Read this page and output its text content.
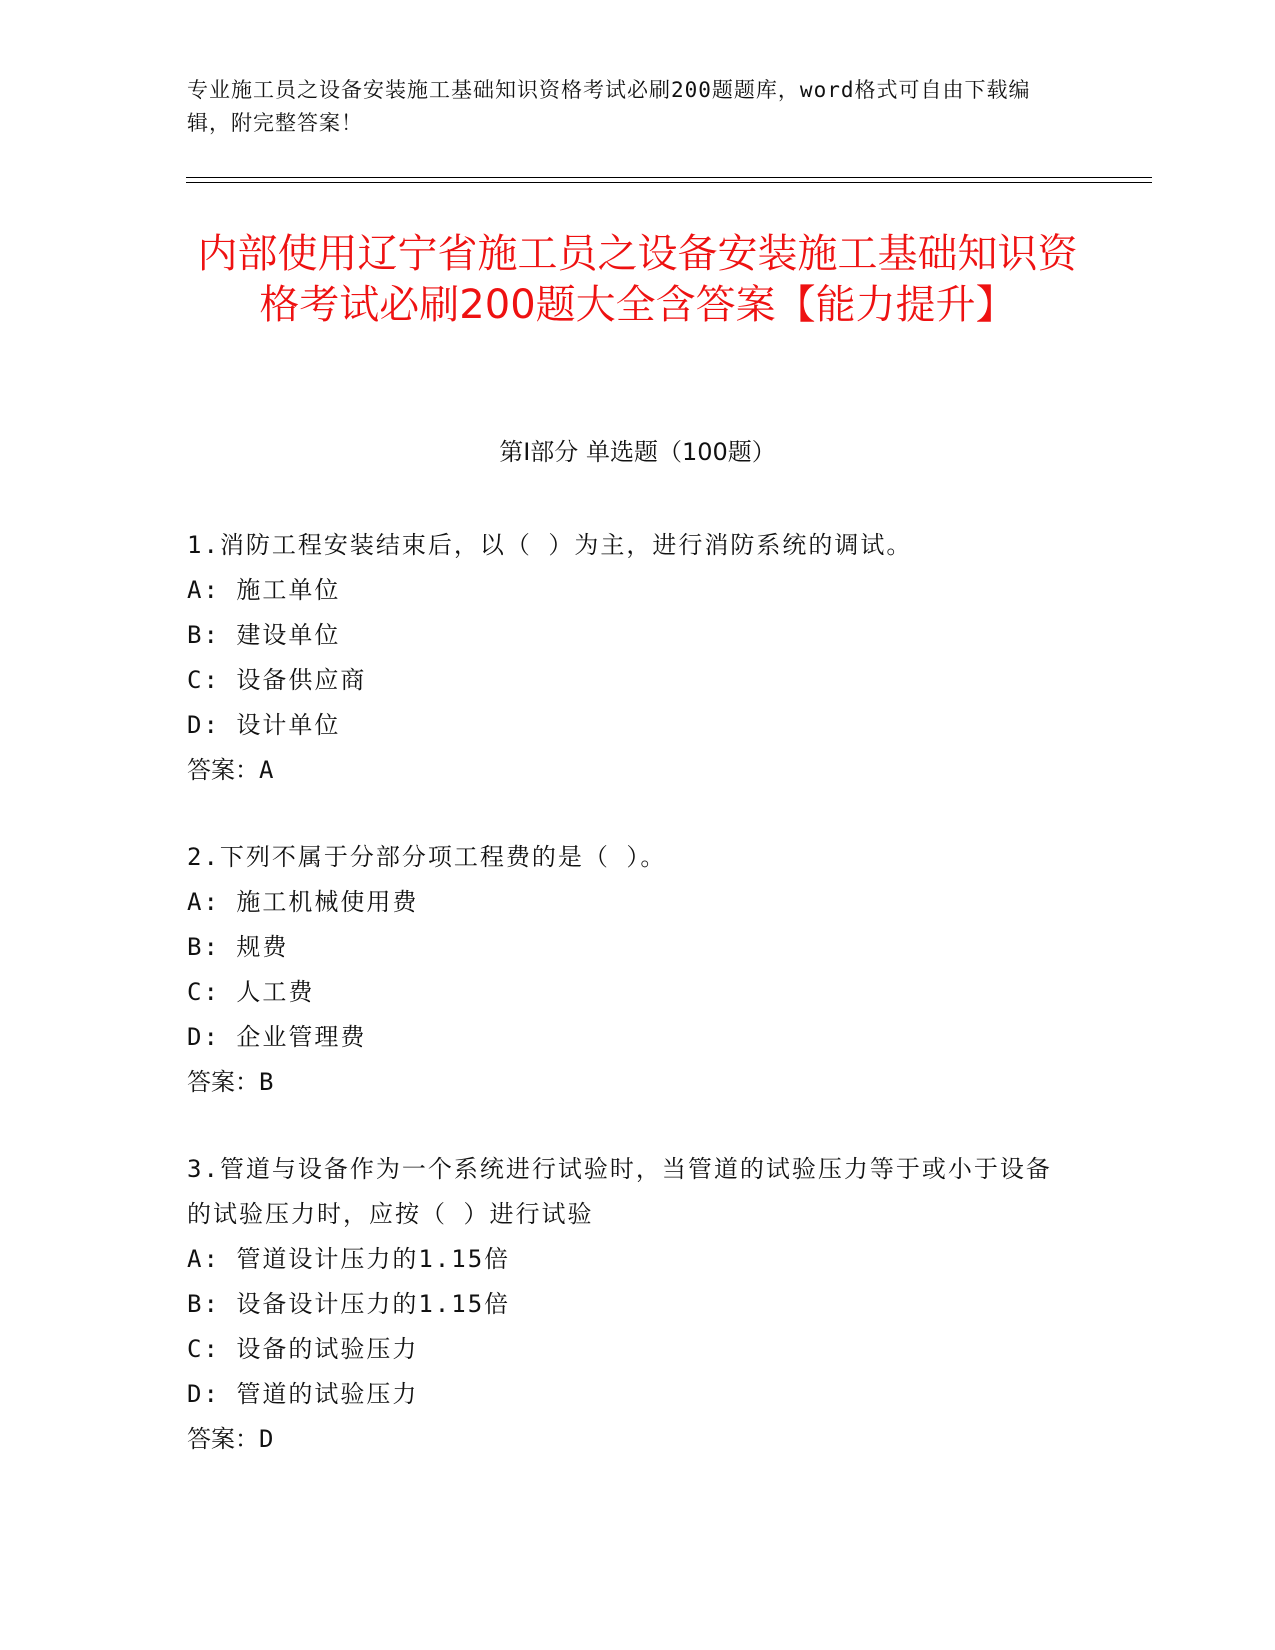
专业施工员之设备安装施工基础知识资格考试必刷200题题库，word格式可自由下载编辑，附完整答案！
内部使用辽宁省施工员之设备安装施工基础知识资格考试必刷200题大全含答案【能力提升】
第Ⅰ部分 单选题（100题）
1.消防工程安装结束后，以（ ）为主，进行消防系统的调试。
A: 施工单位
B: 建设单位
C: 设备供应商
D: 设计单位
答案：A
2.下列不属于分部分项工程费的是（ ）。
A: 施工机械使用费
B: 规费
C: 人工费
D: 企业管理费
答案：B
3.管道与设备作为一个系统进行试验时，当管道的试验压力等于或小于设备的试验压力时，应按（ ）进行试验
A: 管道设计压力的1.15倍
B: 设备设计压力的1.15倍
C: 设备的试验压力
D: 管道的试验压力
答案：D
